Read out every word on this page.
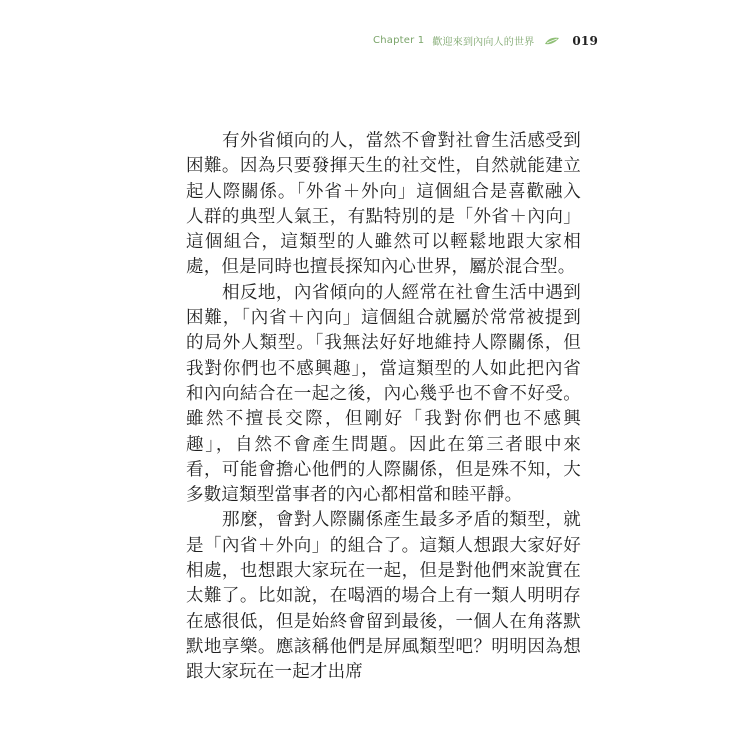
Chapter 1 歡迎來到內向人的世界	019

有外省傾向的人，當然不會對社會生活感受到困難。因為只要發揮天生的社交性，自然就能建立起人際關係。「外省＋外向」這個組合是喜歡融入人群的典型人氣王，有點特別的是「外省＋內向」這個組合，這類型的人雖然可以輕鬆地跟大家相處，但是同時也擅長探知內心世界，屬於混合型。

相反地，內省傾向的人經常在社會生活中遇到困難，「內省＋內向」這個組合就屬於常常被提到的局外人類型。「我無法好好地維持人際關係，但我對你們也不感興趣」，當這類型的人如此把內省和內向結合在一起之後，內心幾乎也不會不好受。雖然不擅長交際，但剛好「我對你們也不感興趣」，自然不會產生問題。因此在第三者眼中來看，可能會擔心他們的人際關係，但是殊不知，大多數這類型當事者的內心都相當和睦平靜。

那麼，會對人際關係產生最多矛盾的類型，就是「內省＋外向」的組合了。這類人想跟大家好好相處，也想跟大家玩在一起，但是對他們來說實在太難了。比如說，在喝酒的場合上有一類人明明存在感很低，但是始終會留到最後，一個人在角落默默地享樂。應該稱他們是屏風類型吧？明明因為想跟大家玩在一起才出席
